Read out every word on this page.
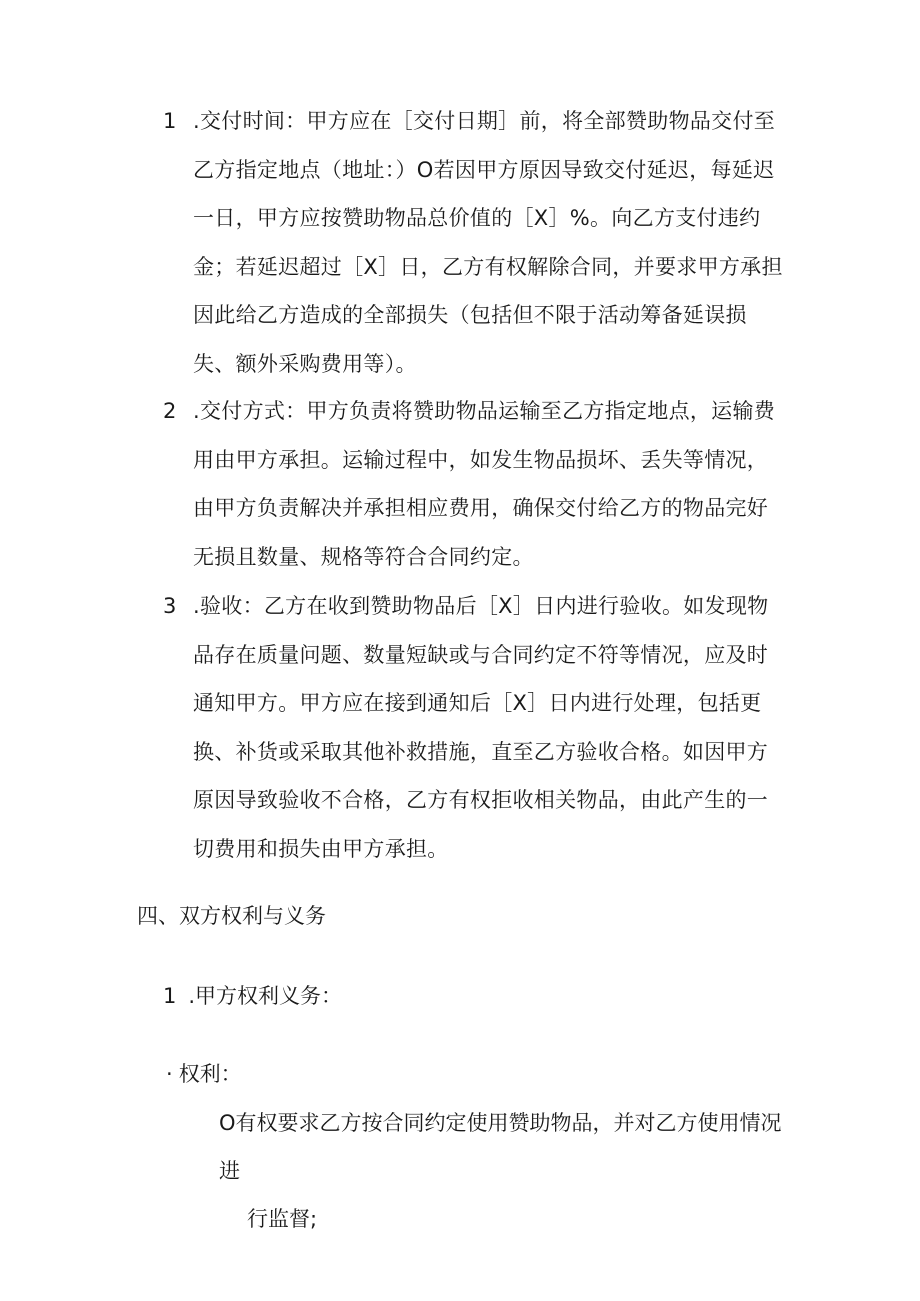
1 .交付时间：甲方应在［交付日期］前，将全部赞助物品交付至乙方指定地点（地址：）O若因甲方原因导致交付延迟，每延迟一日，甲方应按赞助物品总价值的［X］%。向乙方支付违约金；若延迟超过［X］日，乙方有权解除合同，并要求甲方承担因此给乙方造成的全部损失（包括但不限于活动筹备延误损失、额外采购费用等）。
2 .交付方式：甲方负责将赞助物品运输至乙方指定地点，运输费用由甲方承担。运输过程中，如发生物品损坏、丢失等情况，由甲方负责解决并承担相应费用，确保交付给乙方的物品完好无损且数量、规格等符合合同约定。
3 .验收：乙方在收到赞助物品后［X］日内进行验收。如发现物品存在质量问题、数量短缺或与合同约定不符等情况，应及时通知甲方。甲方应在接到通知后［X］日内进行处理，包括更换、补货或采取其他补救措施，直至乙方验收合格。如因甲方原因导致验收不合格，乙方有权拒收相关物品，由此产生的一切费用和损失由甲方承担。
四、双方权利与义务
1 .甲方权利义务：
· 权利：
O有权要求乙方按合同约定使用赞助物品，并对乙方使用情况进
行监督;
